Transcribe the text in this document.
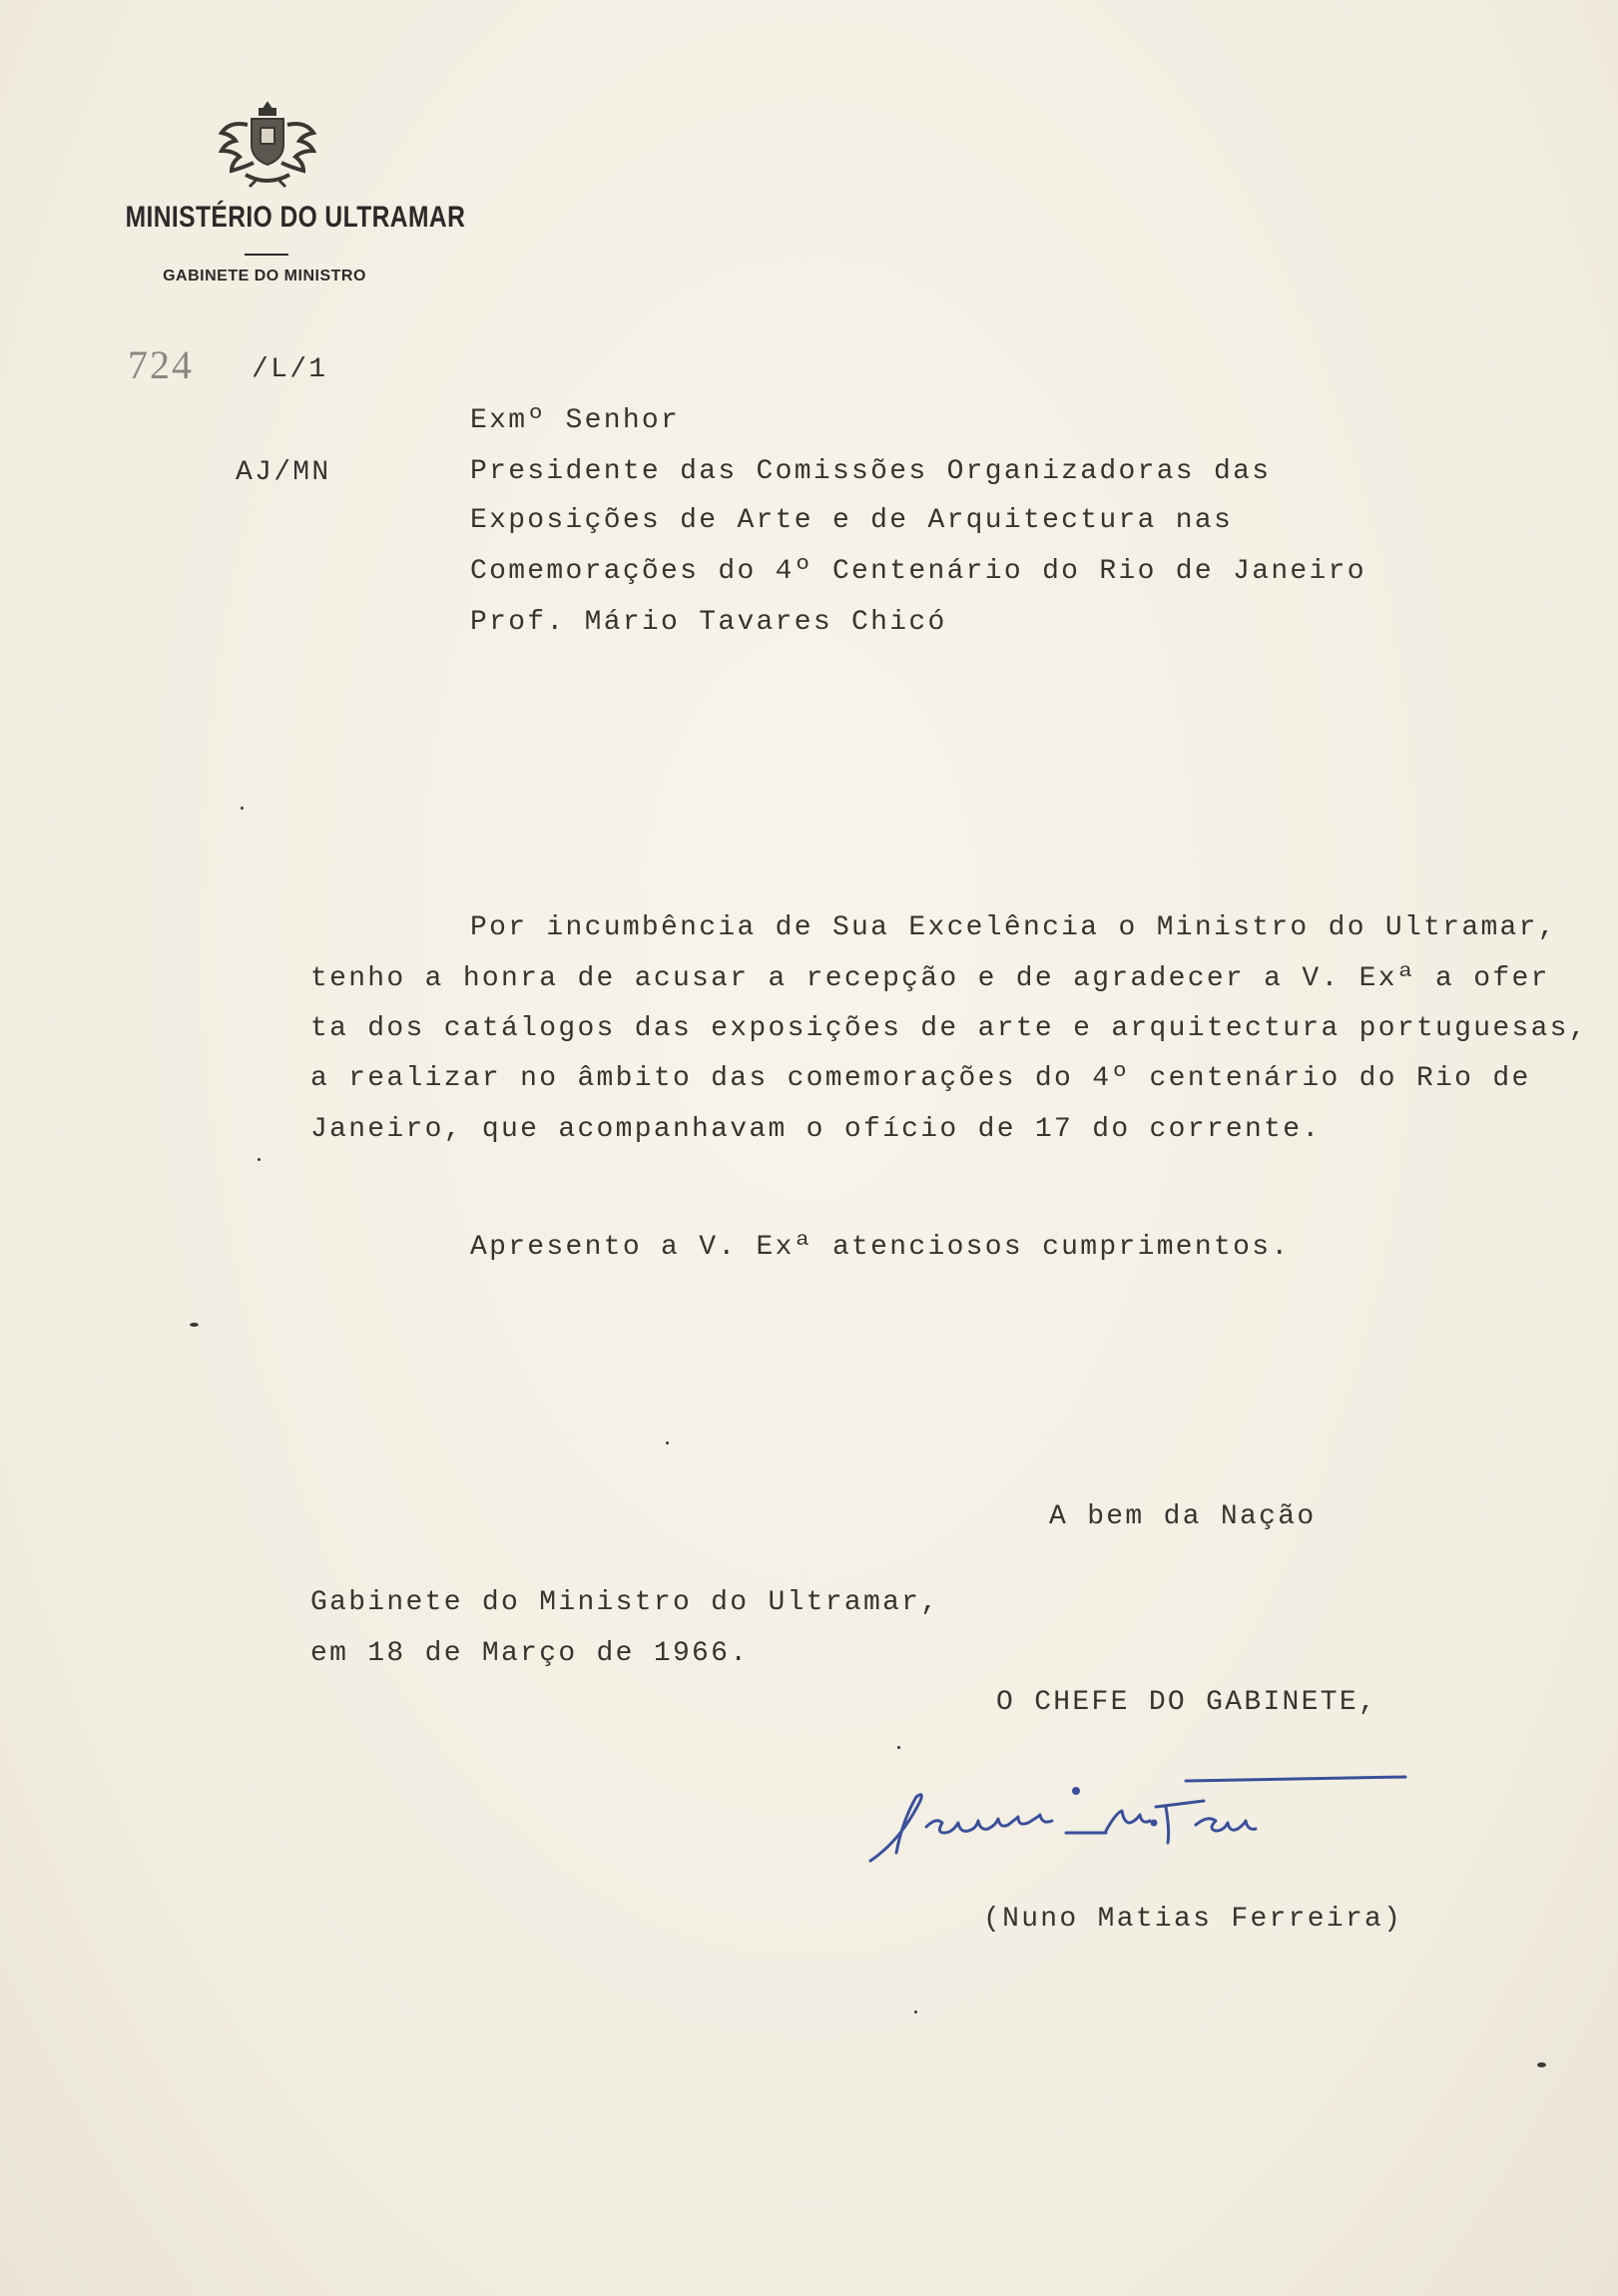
MINISTÉRIO DO ULTRAMAR
GABINETE DO MINISTRO
724 /L/1
AJ/MN
Exmº Senhor
Presidente das Comissões Organizadoras das
Exposições de Arte e de Arquitectura nas
Comemorações do 4º Centenário do Rio de Janeiro
Prof. Mário Tavares Chicó
Por incumbência de Sua Excelência o Ministro do Ultramar,
tenho a honra de acusar a recepção e de agradecer a V. Exª a ofer
ta dos catálogos das exposições de arte e arquitectura portuguesas,
a realizar no âmbito das comemorações do 4º centenário do Rio de
Janeiro, que acompanhavam o ofício de 17 do corrente.
Apresento a V. Exª atenciosos cumprimentos.
A bem da Nação
Gabinete do Ministro do Ultramar,
em 18 de Março de 1966.
O CHEFE DO GABINETE,
(Nuno Matias Ferreira)
